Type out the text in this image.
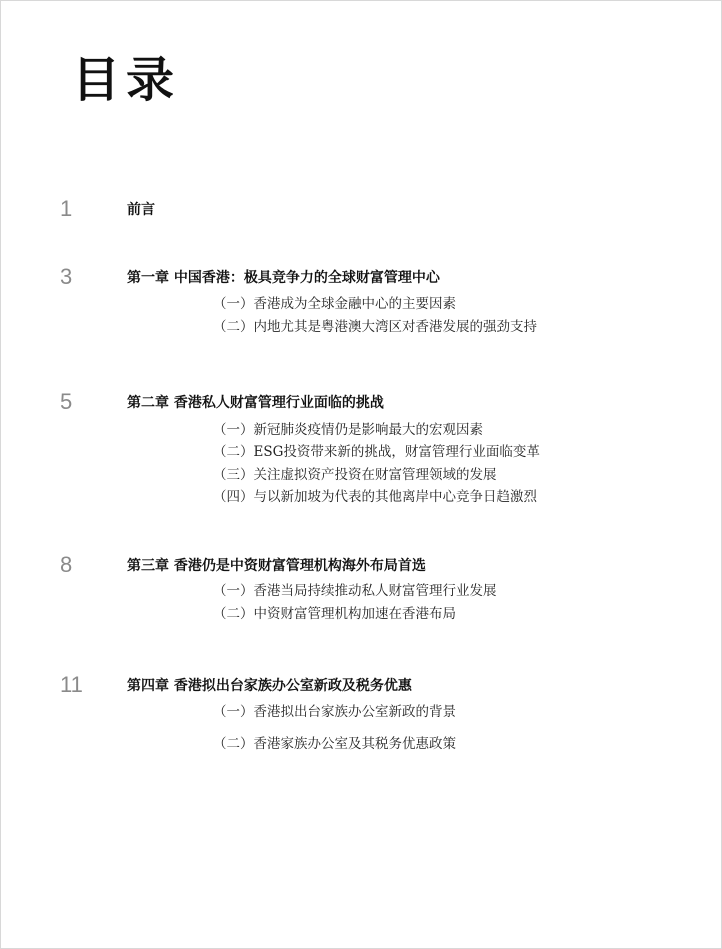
目录
1	前言
3	第一章 中国香港：极具竞争力的全球财富管理中心
（一）香港成为全球金融中心的主要因素
（二）内地尤其是粤港澳大湾区对香港发展的强劲支持
5	第二章 香港私人财富管理行业面临的挑战
（一）新冠肺炎疫情仍是影响最大的宏观因素
（二）ESG投资带来新的挑战，财富管理行业面临变革
（三）关注虚拟资产投资在财富管理领域的发展
（四）与以新加坡为代表的其他离岸中心竞争日趋激烈
8	第三章 香港仍是中资财富管理机构海外布局首选
（一）香港当局持续推动私人财富管理行业发展
（二）中资财富管理机构加速在香港布局
11	第四章 香港拟出台家族办公室新政及税务优惠
（一）香港拟出台家族办公室新政的背景
（二）香港家族办公室及其税务优惠政策
